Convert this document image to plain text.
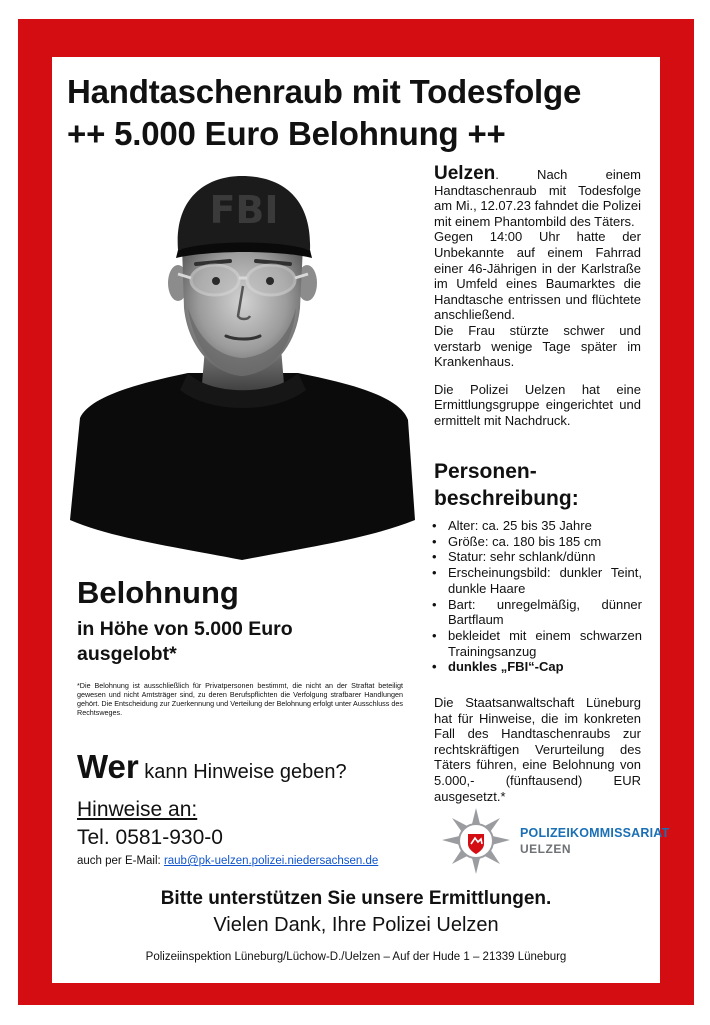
Handtaschenraub mit Todesfolge
++ 5.000 Euro Belohnung ++
FBI

Uelzen. Nach einem Handtaschenraub mit Todesfolge am Mi., 12.07.23 fahndet die Polizei mit einem Phantombild des Täters.

Gegen 14:00 Uhr hatte der Unbekannte auf einem Fahrrad einer 46-Jährigen in der Karlstraße im Umfeld eines Baumarktes die Handtasche entrissen und flüchtete anschließend.

Die Frau stürzte schwer und verstarb wenige Tage später im Krankenhaus.

Die Polizei Uelzen hat eine Ermittlungsgruppe eingerichtet und ermittelt mit Nachdruck.

Personen-
beschreibung:
• Alter: ca. 25 bis 35 Jahre
• Größe: ca. 180 bis 185 cm
• Statur: sehr schlank/dünn
• Erscheinungsbild: dunkler Teint, dunkle Haare
• Bart: unregelmäßig, dünner Bartflaum
• bekleidet mit einem schwarzen Trainingsanzug
• dunkles „FBI“-Cap

Die Staatsanwaltschaft Lüneburg hat für Hinweise, die im konkreten Fall des Handtaschenraubs zur rechtskräftigen Verurteilung des Täters führen, eine Belohnung von 5.000,- (fünftausend) EUR ausgesetzt.*

POLIZEIKOMMISSARIAT
UELZEN
Belohnung
in Höhe von 5.000 Euro
ausgelobt*

*Die Belohnung ist ausschließlich für Privatpersonen bestimmt, die nicht an der Straftat beteiligt gewesen und nicht Amtsträger sind, zu deren Berufspflichten die Verfolgung strafbarer Handlungen gehört. Die Entscheidung zur Zuerkennung und Verteilung der Belohnung erfolgt unter Ausschluss des Rechtsweges.

Wer kann Hinweise geben?
Hinweise an:
Tel. 0581-930-0
auch per E-Mail: raub@pk-uelzen.polizei.niedersachsen.de
Bitte unterstützen Sie unsere Ermittlungen.
Vielen Dank, Ihre Polizei Uelzen
Polizeiinspektion Lüneburg/Lüchow-D./Uelzen – Auf der Hude 1 – 21339 Lüneburg
